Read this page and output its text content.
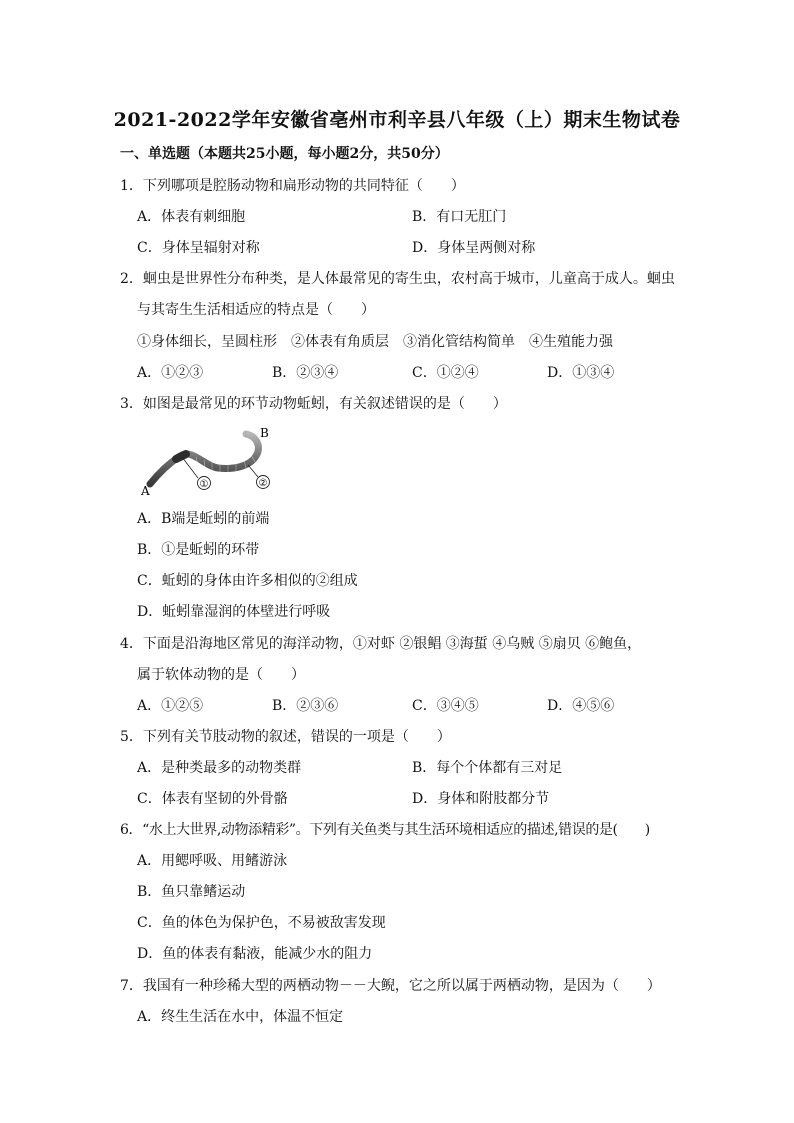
2021-2022学年安徽省亳州市利辛县八年级（上）期末生物试卷
一、单选题（本题共25小题，每小题2分，共50分）
1．下列哪项是腔肠动物和扁形动物的共同特征（　　）
A．体表有刺细胞	B．有口无肛门
C．身体呈辐射对称	D．身体呈两侧对称
2．蛔虫是世界性分布种类，是人体最常见的寄生虫，农村高于城市，儿童高于成人。蛔虫
与其寄生生活相适应的特点是（　　）
①身体细长，呈圆柱形　②体表有角质层　③消化管结构简单　④生殖能力强
A．①②③	B．②③④	C．①②④	D．①③④
3．如图是最常见的环节动物蚯蚓，有关叙述错误的是（　　）
①	②
A
B
A．B端是蚯蚓的前端
B．①是蚯蚓的环带
C．蚯蚓的身体由许多相似的②组成
D．蚯蚓靠湿润的体壁进行呼吸
4．下面是沿海地区常见的海洋动物，①对虾 ②银鲳 ③海蜇 ④乌贼 ⑤扇贝 ⑥鲍鱼，
属于软体动物的是（　　）
A．①②⑤	B．②③⑥	C．③④⑤	D．④⑤⑥
5．下列有关节肢动物的叙述，错误的一项是（　　）
A．是种类最多的动物类群	B．每个个体都有三对足
C．体表有坚韧的外骨骼	D．身体和附肢都分节
6．“水上大世界,动物添精彩”。下列有关鱼类与其生活环境相适应的描述,错误的是(　　)
A．用鳃呼吸、用鳍游泳
B．鱼只靠鳍运动
C．鱼的体色为保护色，不易被敌害发现
D．鱼的体表有黏液，能减少水的阻力
7．我国有一种珍稀大型的两栖动物－－大鲵，它之所以属于两栖动物，是因为（　　）
A．终生生活在水中，体温不恒定
